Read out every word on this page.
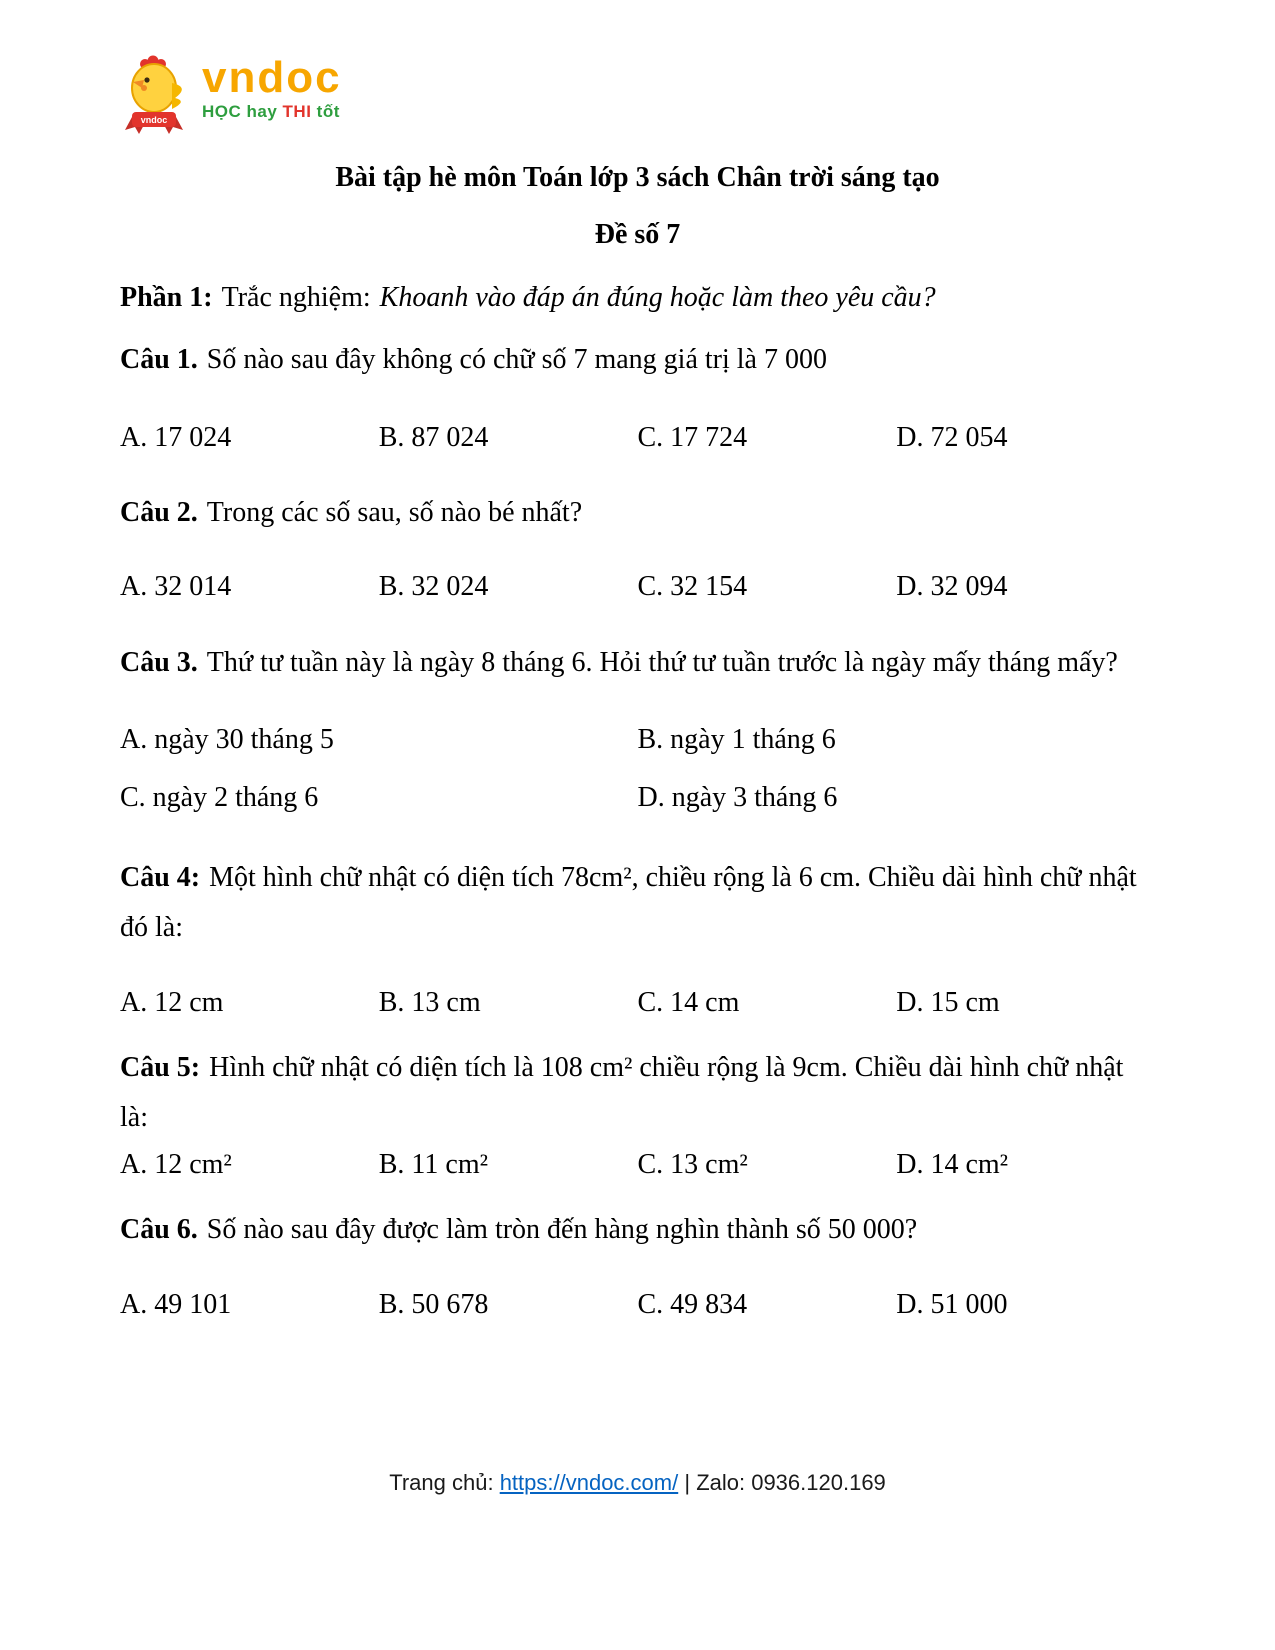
vndoc
vndoc
HỌC hay THI tốt
Bài tập hè môn Toán lớp 3 sách Chân trời sáng tạo
Đề số 7

Phần 1: Trắc nghiệm: Khoanh vào đáp án đúng hoặc làm theo yêu cầu?

Câu 1. Số nào sau đây không có chữ số 7 mang giá trị là 7 000

A. 17 024	B. 87 024	C. 17 724	D. 72 054

Câu 2. Trong các số sau, số nào bé nhất?

A. 32 014	B. 32 024	C. 32 154	D. 32 094

Câu 3. Thứ tư tuần này là ngày 8 tháng 6. Hỏi thứ tư tuần trước là ngày mấy tháng mấy?

A. ngày 30 tháng 5	B. ngày 1 tháng 6
C. ngày 2 tháng 6	D. ngày 3 tháng 6

Câu 4: Một hình chữ nhật có diện tích 78cm², chiều rộng là 6 cm. Chiều dài hình chữ nhật đó là:

A. 12 cm	B. 13 cm	C. 14 cm	D. 15 cm

Câu 5: Hình chữ nhật có diện tích là 108 cm² chiều rộng là 9cm. Chiều dài hình chữ nhật là:

A. 12 cm²	B. 11 cm²	C. 13 cm²	D. 14 cm²

Câu 6. Số nào sau đây được làm tròn đến hàng nghìn thành số 50 000?

A. 49 101	B. 50 678	C. 49 834	D. 51 000
Trang chủ: https://vndoc.com/ | Zalo: 0936.120.169
